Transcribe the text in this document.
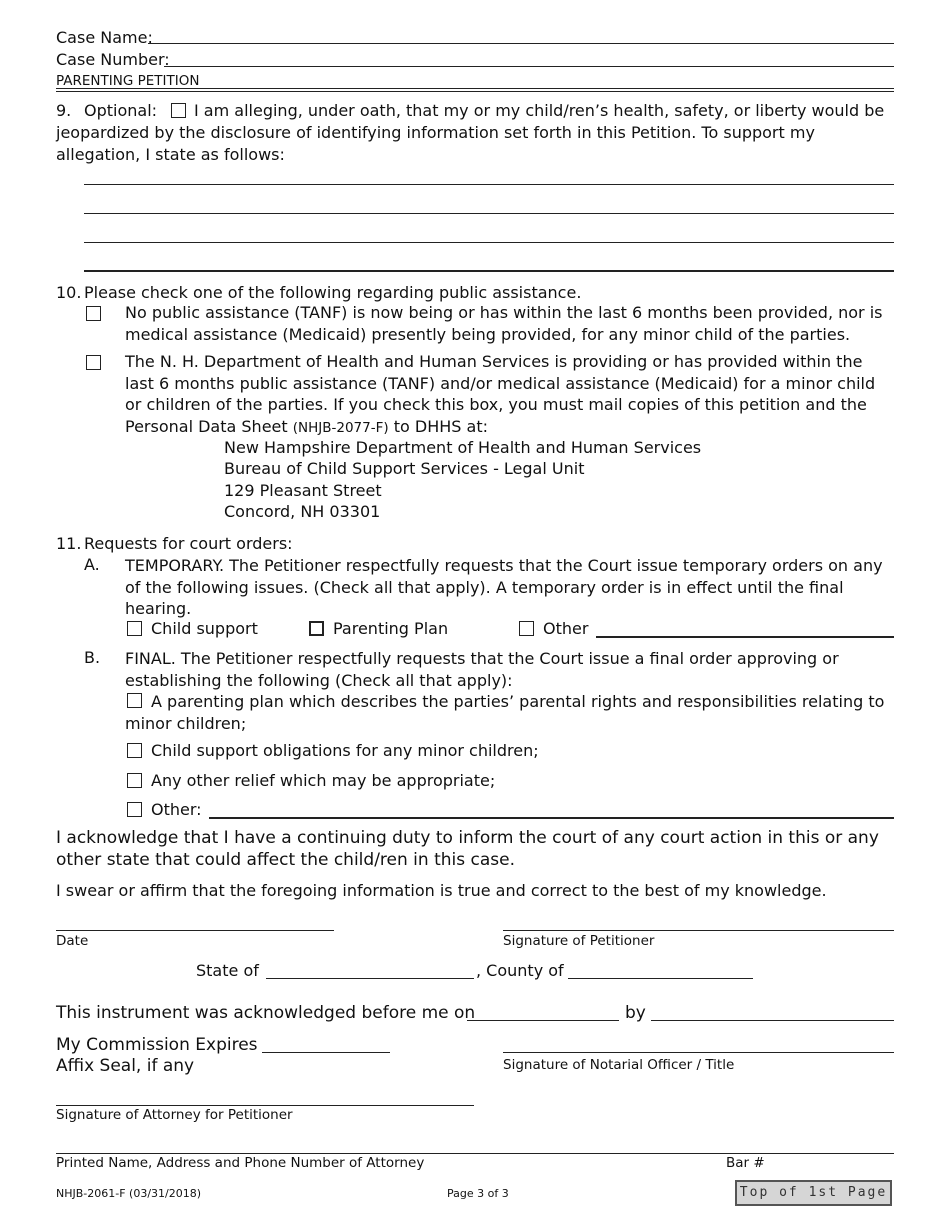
Case Name:
Case Number:
PARENTING PETITION
9. Optional: I am alleging, under oath, that my or my child/ren’s health, safety, or liberty would be
jeopardized by the disclosure of identifying information set forth in this Petition. To support my allegation, I state as follows:
10. Please check one of the following regarding public assistance.
No public assistance (TANF) is now being or has within the last 6 months been provided, nor is medical assistance (Medicaid) presently being provided, for any minor child of the parties.
The N. H. Department of Health and Human Services is providing or has provided within the last 6 months public assistance (TANF) and/or medical assistance (Medicaid) for a minor child or children of the parties. If you check this box, you must mail copies of this petition and the Personal Data Sheet (NHJB-2077-F) to DHHS at:
New Hampshire Department of Health and Human Services
Bureau of Child Support Services - Legal Unit
129 Pleasant Street
Concord, NH 03301
11. Requests for court orders:
A. TEMPORARY. The Petitioner respectfully requests that the Court issue temporary orders on any of the following issues. (Check all that apply). A temporary order is in effect until the final hearing.
Child support	Parenting Plan	Other
B. FINAL. The Petitioner respectfully requests that the Court issue a final order approving or establishing the following (Check all that apply):
A parenting plan which describes the parties’ parental rights and responsibilities relating to minor children;
Child support obligations for any minor children;
Any other relief which may be appropriate;
Other:
I acknowledge that I have a continuing duty to inform the court of any court action in this or any other state that could affect the child/ren in this case.
I swear or affirm that the foregoing information is true and correct to the best of my knowledge.
Date	Signature of Petitioner
State of	, County of
This instrument was acknowledged before me on	by
My Commission Expires
Affix Seal, if any	Signature of Notarial Officer / Title
Signature of Attorney for Petitioner
Printed Name, Address and Phone Number of Attorney	Bar #
NHJB-2061-F (03/31/2018)	Page 3 of 3	Top of 1st Page
